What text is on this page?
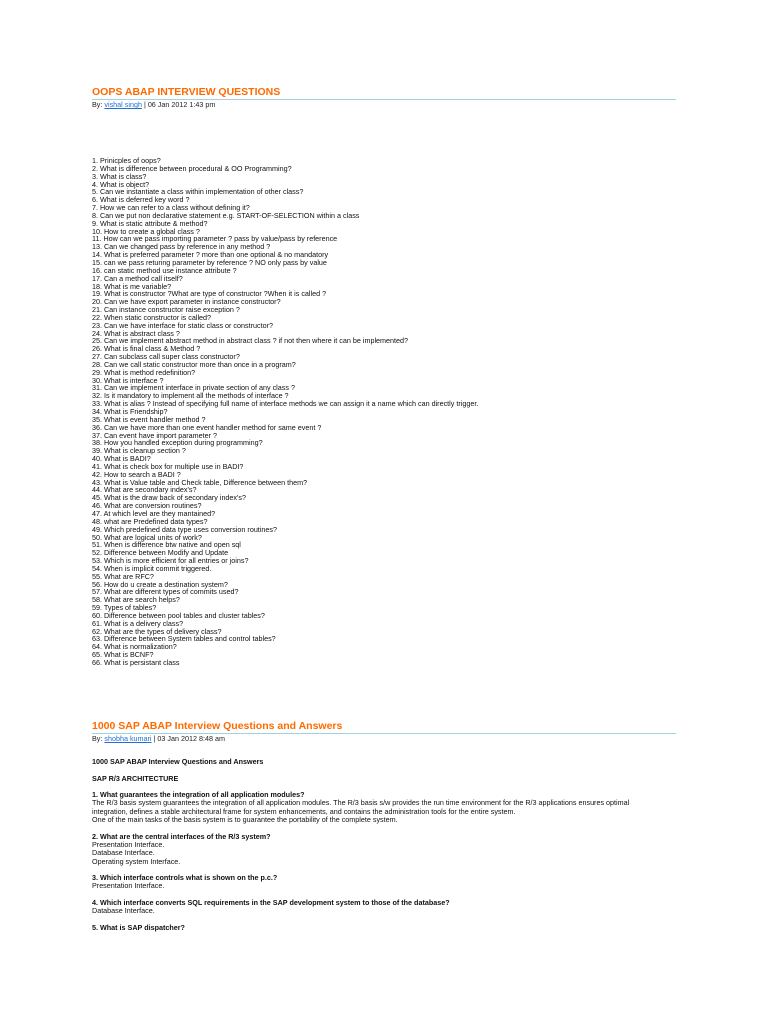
OOPS ABAP INTERVIEW QUESTIONS
By: vishal singh | 06 Jan 2012 1:43 pm
1. Prinicples of oops?
2. What is difference between procedural & OO Programming?
3. What is class?
4. What is object?
5. Can we instantiate a class within implementation of other class?
6. What is deferred key word ?
7. How we can refer to a class without defining it?
8. Can we put non declarative statement e.g. START-OF-SELECTION within a class
9. What is static attribute & method?
10. How to create a global class ?
11. How can we pass importing parameter ? pass by value/pass by reference
13. Can we changed pass by reference in any method ?
14. What is preferred parameter ? more than one optional & no mandatory
15. can we pass returing parameter by reference ? NO only pass by value
16. can static method use instance attribute ?
17. Can a method call itself?
18. What is me variable?
19. What is constructor ?What are type of constructor ?When it is called ?
20. Can we have export parameter in instance constructor?
21. Can instance constructor raise exception ?
22. When static constructor is called?
23. Can we have interface for static class or constructor?
24. What is abstract class ?
25. Can we implement abstract method in abstract class ? if not then where it can be implemented?
26. What is final class & Method ?
27. Can subclass call super class constructor?
28. Can we call static constructor more than once in a program?
29. What is method redefinition?
30. What is interface ?
31. Can we implement interface in private section of any class ?
32. Is it mandatory to implement all the methods of interface ?
33. What is alias ? Instead of specifying full name of interface methods we can assign it a name which can directly trigger.
34. What is Friendship?
35. What is event handler method ?
36. Can we have more than one event handler method for same event ?
37. Can event have import parameter ?
38. How you handled exception during programming?
39. What is cleanup section ?
40. What is BADI?
41. What is check box for multiple use in BADI?
42. How to search a BADI ?
43. What is Value table and Check table, Difference between them?
44. What are secondary index's?
45. What is the draw back of secondary index's?
46. What are conversion routines?
47. At which level are they mantained?
48. what are Predefined data types?
49. Which predefined data type uses conversion routines?
50. What are logical units of work?
51. When is difference btw native and open sql
52. Difference between Modify and Update
53. Which is more efficient for all entries or joins?
54. When is implicit commit triggered.
55. What are RFC?
56. How do u create a destination system?
57. What are different types of commits used?
58. What are search helps?
59. Types of tables?
60. Difference between pool tables and cluster tables?
61. What is a delivery class?
62. What are the types of delivery class?
63. Difference between System tables and control tables?
64. What is normalization?
65. What is BCNF?
66. What is persistant class
1000 SAP ABAP Interview Questions and Answers
By: shobha kumari | 03 Jan 2012 8:48 am

1000 SAP ABAP Interview Questions and Answers

SAP R/3 ARCHITECTURE

1. What guarantees the integration of all application modules?

The R/3 basis system guarantees the integration of all application modules. The R/3 basis s/w provides the run time environment for the R/3 applications ensures optimal

integration, defines a stable architectural frame for system enhancements, and contains the administration tools for the entire system.

One of the main tasks of the basis system is to guarantee the portability of the complete system.

2. What are the central interfaces of the R/3 system?

Presentation Interface.

Database Interface.

Operating system Interface.

3. Which interface controls what is shown on the p.c.?

Presentation Interface.

4. Which interface converts SQL requirements in the SAP development system to those of the database?

Database Interface.

5. What is SAP dispatcher?
